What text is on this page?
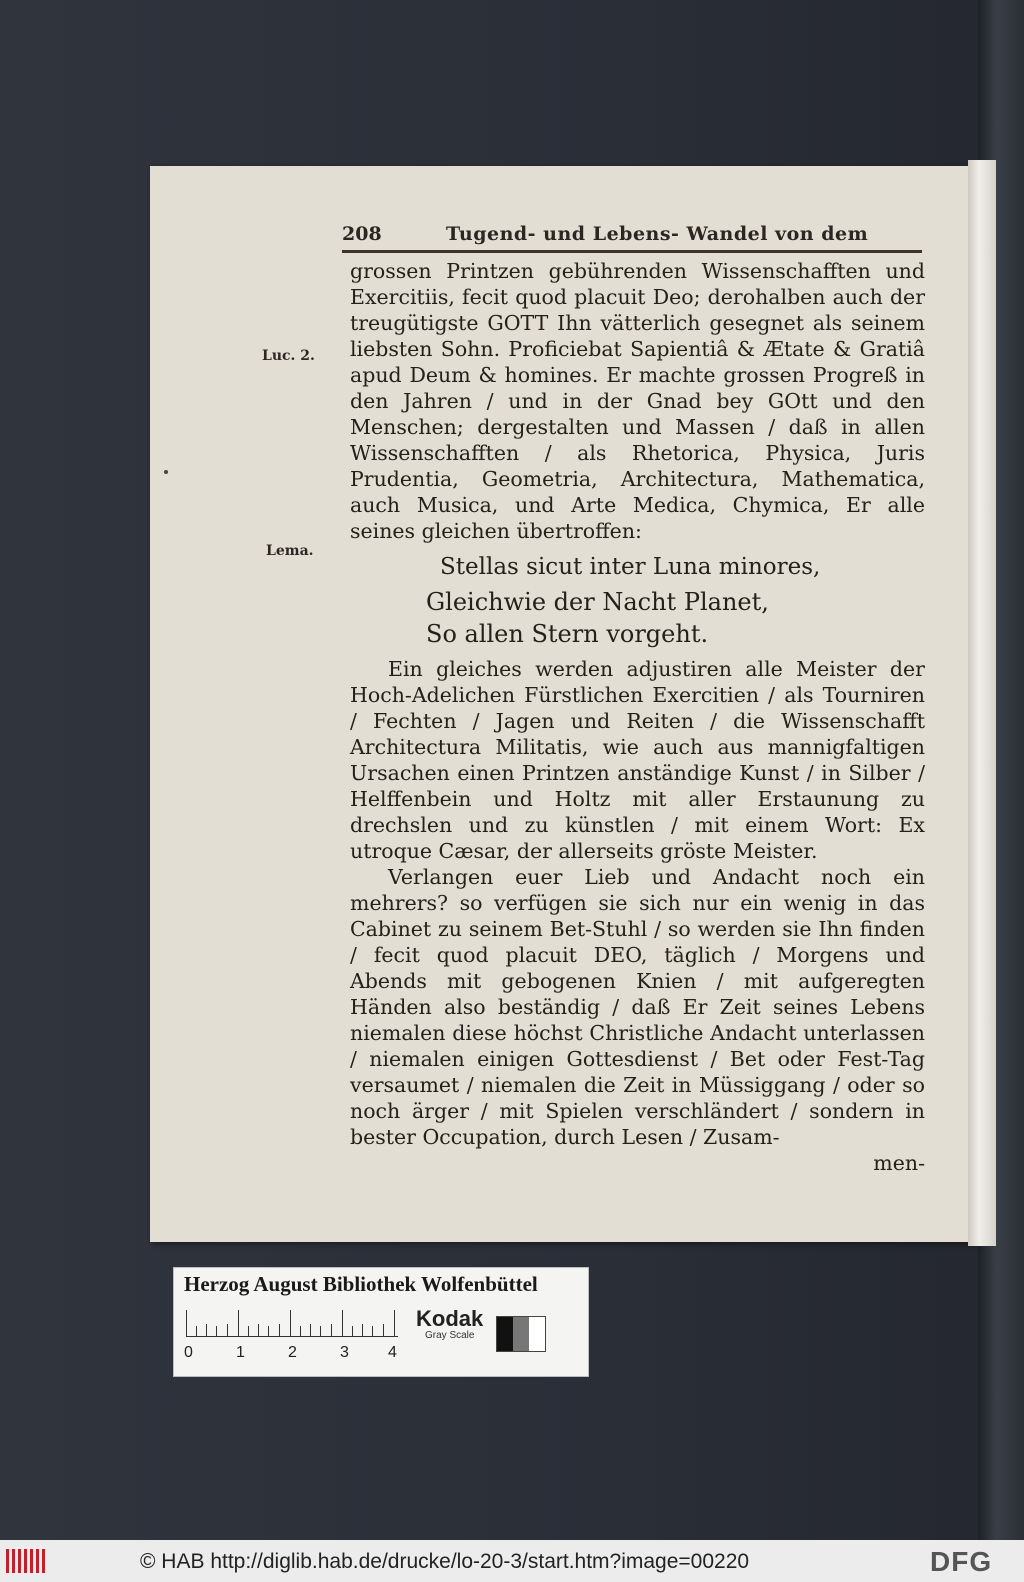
208	Tugend- und Lebens- Wandel von dem
Luc. 2.
Lema.

grossen Printzen gebührenden Wissenschafften und Exercitiis, fecit quod placuit Deo; derohalben auch der treugütigste GOTT Ihn vätterlich gesegnet als seinem liebsten Sohn. Proficiebat Sapientiâ & Ætate & Gratiâ apud Deum & homines. Er machte grossen Progreß in den Jahren / und in der Gnad bey GOtt und den Menschen; dergestalten und Massen / daß in allen Wissenschafften / als Rhetorica, Physica, Juris Prudentia, Geometria, Architectura, Mathematica, auch Musica, und Arte Medica, Chymica, Er alle seines gleichen übertroffen:

Stellas sicut inter Luna minores,

Gleichwie der Nacht Planet,

So allen Stern vorgeht.

Ein gleiches werden adjustiren alle Meister der Hoch-Adelichen Fürstlichen Exercitien / als Tourniren / Fechten / Jagen und Reiten / die Wissenschafft Architectura Militatis, wie auch aus mannigfaltigen Ursachen einen Printzen anständige Kunst / in Silber / Helffenbein und Holtz mit aller Erstaunung zu drechslen und zu künstlen / mit einem Wort: Ex utroque Cæsar, der allerseits gröste Meister.

Verlangen euer Lieb und Andacht noch ein mehrers? so verfügen sie sich nur ein wenig in das Cabinet zu seinem Bet-Stuhl / so werden sie Ihn finden / fecit quod placuit DEO, täglich / Morgens und Abends mit gebogenen Knien / mit aufgeregten Händen also beständig / daß Er Zeit seines Lebens niemalen diese höchst Christliche Andacht unterlassen / niemalen einigen Gottesdienst / Bet oder Fest-Tag versaumet / niemalen die Zeit in Müssiggang / oder so noch ärger / mit Spielen verschländert / sondern in bester Occupation, durch Lesen / Zusam-

men-

Herzog August Bibliothek Wolfenbüttel
0	1	2	3 4
Kodak
Gray Scale
© HAB http://diglib.hab.de/drucke/lo-20-3/start.htm?image=00220	DFG
